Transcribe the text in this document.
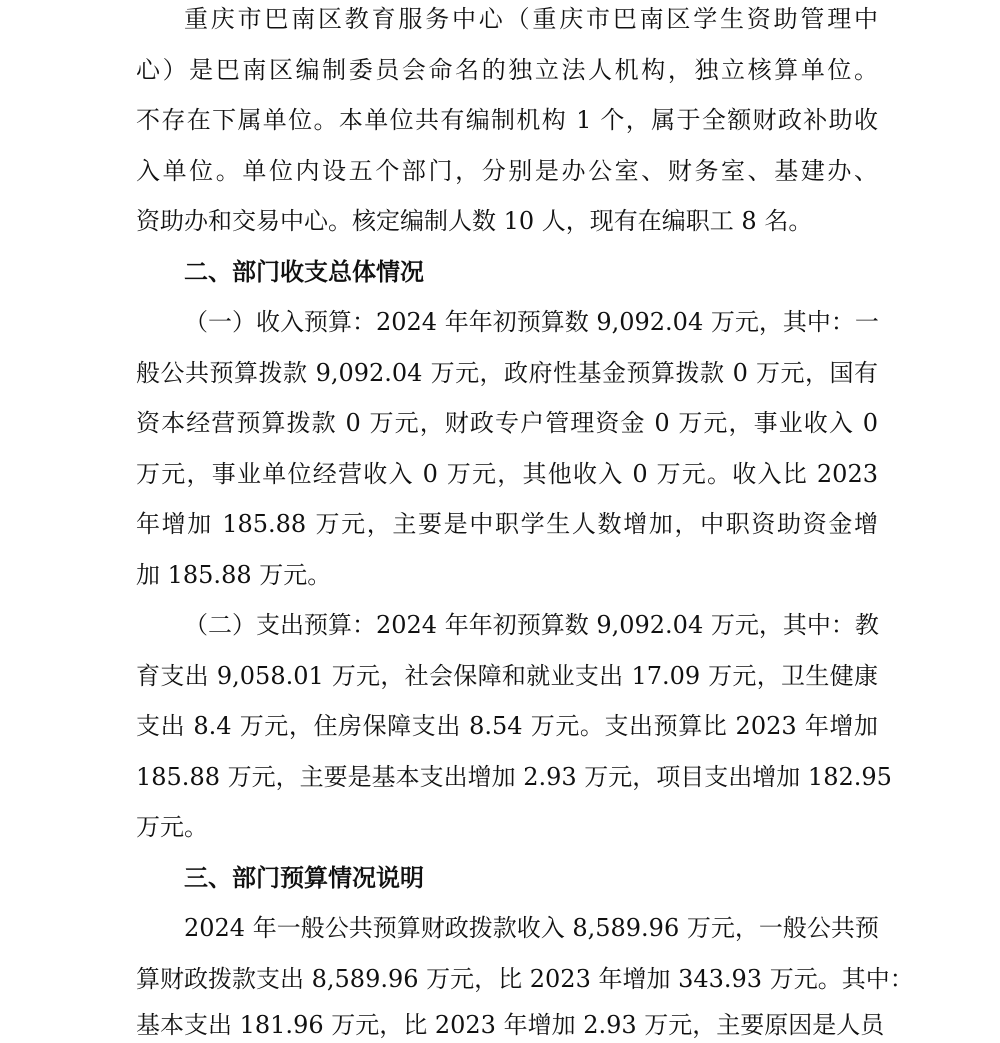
重庆市巴南区教育服务中心（重庆市巴南区学生资助管理中
心）是巴南区编制委员会命名的独立法人机构，独立核算单位。
不存在下属单位。本单位共有编制机构 1 个，属于全额财政补助收
入单位。单位内设五个部门，分别是办公室、财务室、基建办、
资助办和交易中心。核定编制人数 10 人，现有在编职工 8 名。
二、部门收支总体情况
（一）收入预算：2024 年年初预算数 9,092.04 万元，其中：一
般公共预算拨款 9,092.04 万元，政府性基金预算拨款 0 万元，国有
资本经营预算拨款 0 万元，财政专户管理资金 0 万元，事业收入 0
万元，事业单位经营收入 0 万元，其他收入 0 万元。收入比 2023
年增加 185.88 万元，主要是中职学生人数增加，中职资助资金增
加 185.88 万元。
（二）支出预算：2024 年年初预算数 9,092.04 万元，其中：教
育支出 9,058.01 万元，社会保障和就业支出 17.09 万元，卫生健康
支出 8.4 万元，住房保障支出 8.54 万元。支出预算比 2023 年增加
185.88 万元，主要是基本支出增加 2.93 万元，项目支出增加 182.95
万元。
三、部门预算情况说明
2024 年一般公共预算财政拨款收入 8,589.96 万元，一般公共预
算财政拨款支出 8,589.96 万元，比 2023 年增加 343.93 万元。其中：
基本支出 181.96 万元，比 2023 年增加 2.93 万元，主要原因是人员
